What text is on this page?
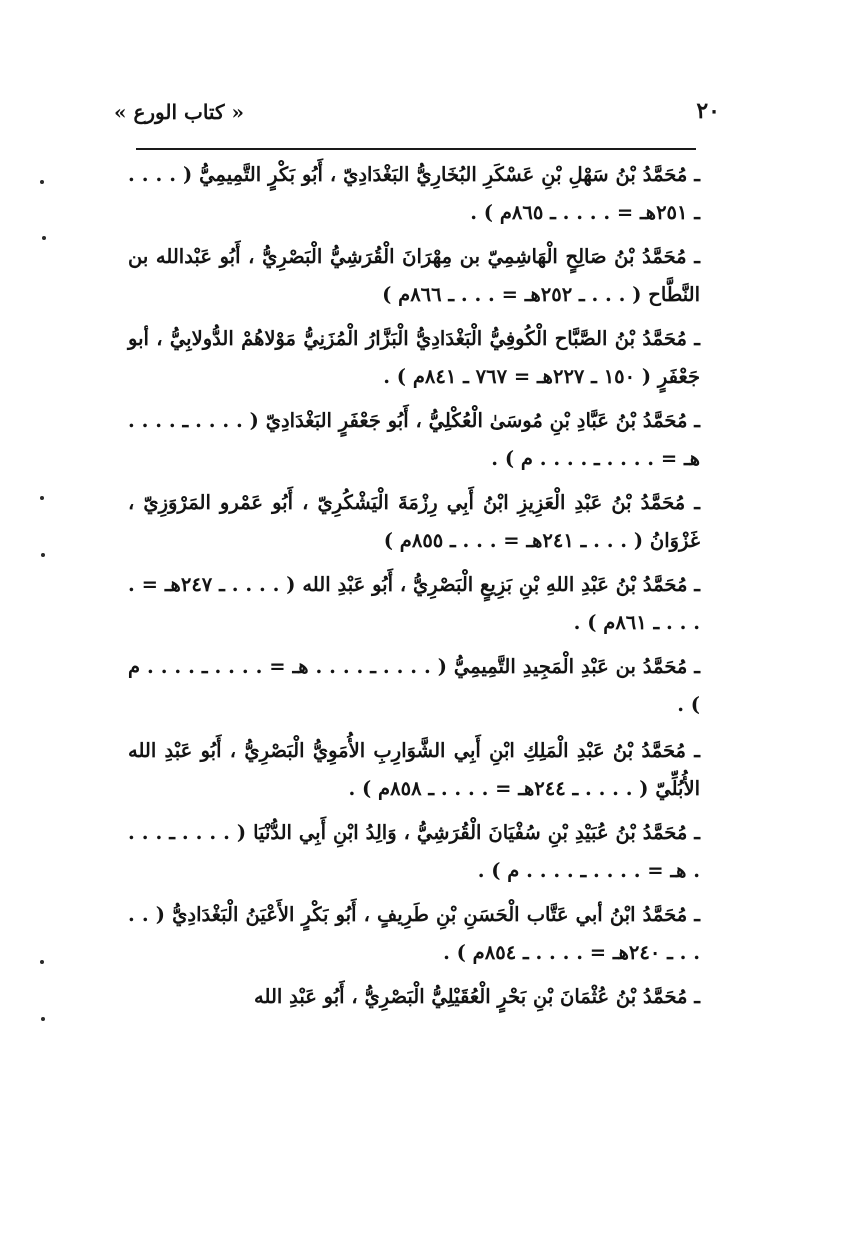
٢٠
« كتاب الورع »

ـ مُحَمَّدُ بْنُ سَهْلِ بْنِ عَسْكَرِ البُخَارِيُّ البَغْدَادِيّ ، أَبُو بَكْرٍ التَّمِيمِيُّ ( . . . . ـ ٢٥١هـ = . . . . ـ ٨٦٥م ) .

ـ مُحَمَّدُ بْنُ صَالِحٍ الْهَاشِمِيّ بن مِهْرَانَ الْقُرَشِيُّ الْبَصْرِيُّ ، أَبُو عَبْدالله بن النَّطَّاح ( . . . ـ ٢٥٢هـ = . . . ـ ٨٦٦م )

ـ مُحَمَّدُ بْنُ الصَّبَّاح الْكُوفِيُّ الْبَغْدَادِيُّ الْبَزَّارُ الْمُزَنِيُّ مَوْلاهُمْ الدُّولابِيُّ ، أبو جَعْفَرٍ ( ١٥٠ ـ ٢٢٧هـ = ٧٦٧ ـ ٨٤١م ) .

ـ مُحَمَّدُ بْنُ عَبَّادِ بْنِ مُوسَىٰ الْعُكْلِيُّ ، أَبُو جَعْفَرٍ البَغْدَادِيّ ( . . . . ـ . . . . هـ = . . . . ـ . . . . م ) .

ـ مُحَمَّدُ بْنُ عَبْدِ الْعَزِيزِ ابْنُ أَبِي رِزْمَةَ الْيَشْكُرِيّ ، أَبُو عَمْرو المَرْوَزِيّ ، غَزْوَانُ ( . . . ـ ٢٤١هـ = . . . ـ ٨٥٥م )

ـ مُحَمَّدُ بْنُ عَبْدِ اللهِ بْنِ بَزِيعٍ الْبَصْرِيُّ ، أَبُو عَبْدِ الله ( . . . . ـ ٢٤٧هـ = . . . . ـ ٨٦١م ) .

ـ مُحَمَّدُ بن عَبْدِ الْمَجِيدِ التَّمِيمِيُّ ( . . . . ـ . . . . هـ = . . . . ـ . . . . م ) .

ـ مُحَمَّدُ بْنُ عَبْدِ الْمَلِكِ ابْنِ أَبِي الشَّوَارِبِ الأُمَوِيُّ الْبَصْرِيُّ ، أَبُو عَبْدِ الله الأُبُلِّيّ ( . . . . ـ ٢٤٤هـ = . . . . ـ ٨٥٨م ) .

ـ مُحَمَّدُ بْنُ عُبَيْدِ بْنِ سُفْيَانَ الْقُرَشِيُّ ، وَالِدُ ابْنِ أَبِي الدُّنْيَا ( . . . . ـ . . . . هـ = . . . . ـ . . . . م ) .

ـ مُحَمَّدُ ابْنُ أبي عَتَّاب الْحَسَنِ بْنِ طَرِيفٍ ، أَبُو بَكْرٍ الأَعْيَنُ الْبَغْدَادِيُّ ( . . . . ـ ٢٤٠هـ = . . . . ـ ٨٥٤م ) .

ـ مُحَمَّدُ بْنُ عُثْمَانَ بْنِ بَحْرٍ الْعُقَيْلِيُّ الْبَصْرِيُّ ، أَبُو عَبْدِ الله
